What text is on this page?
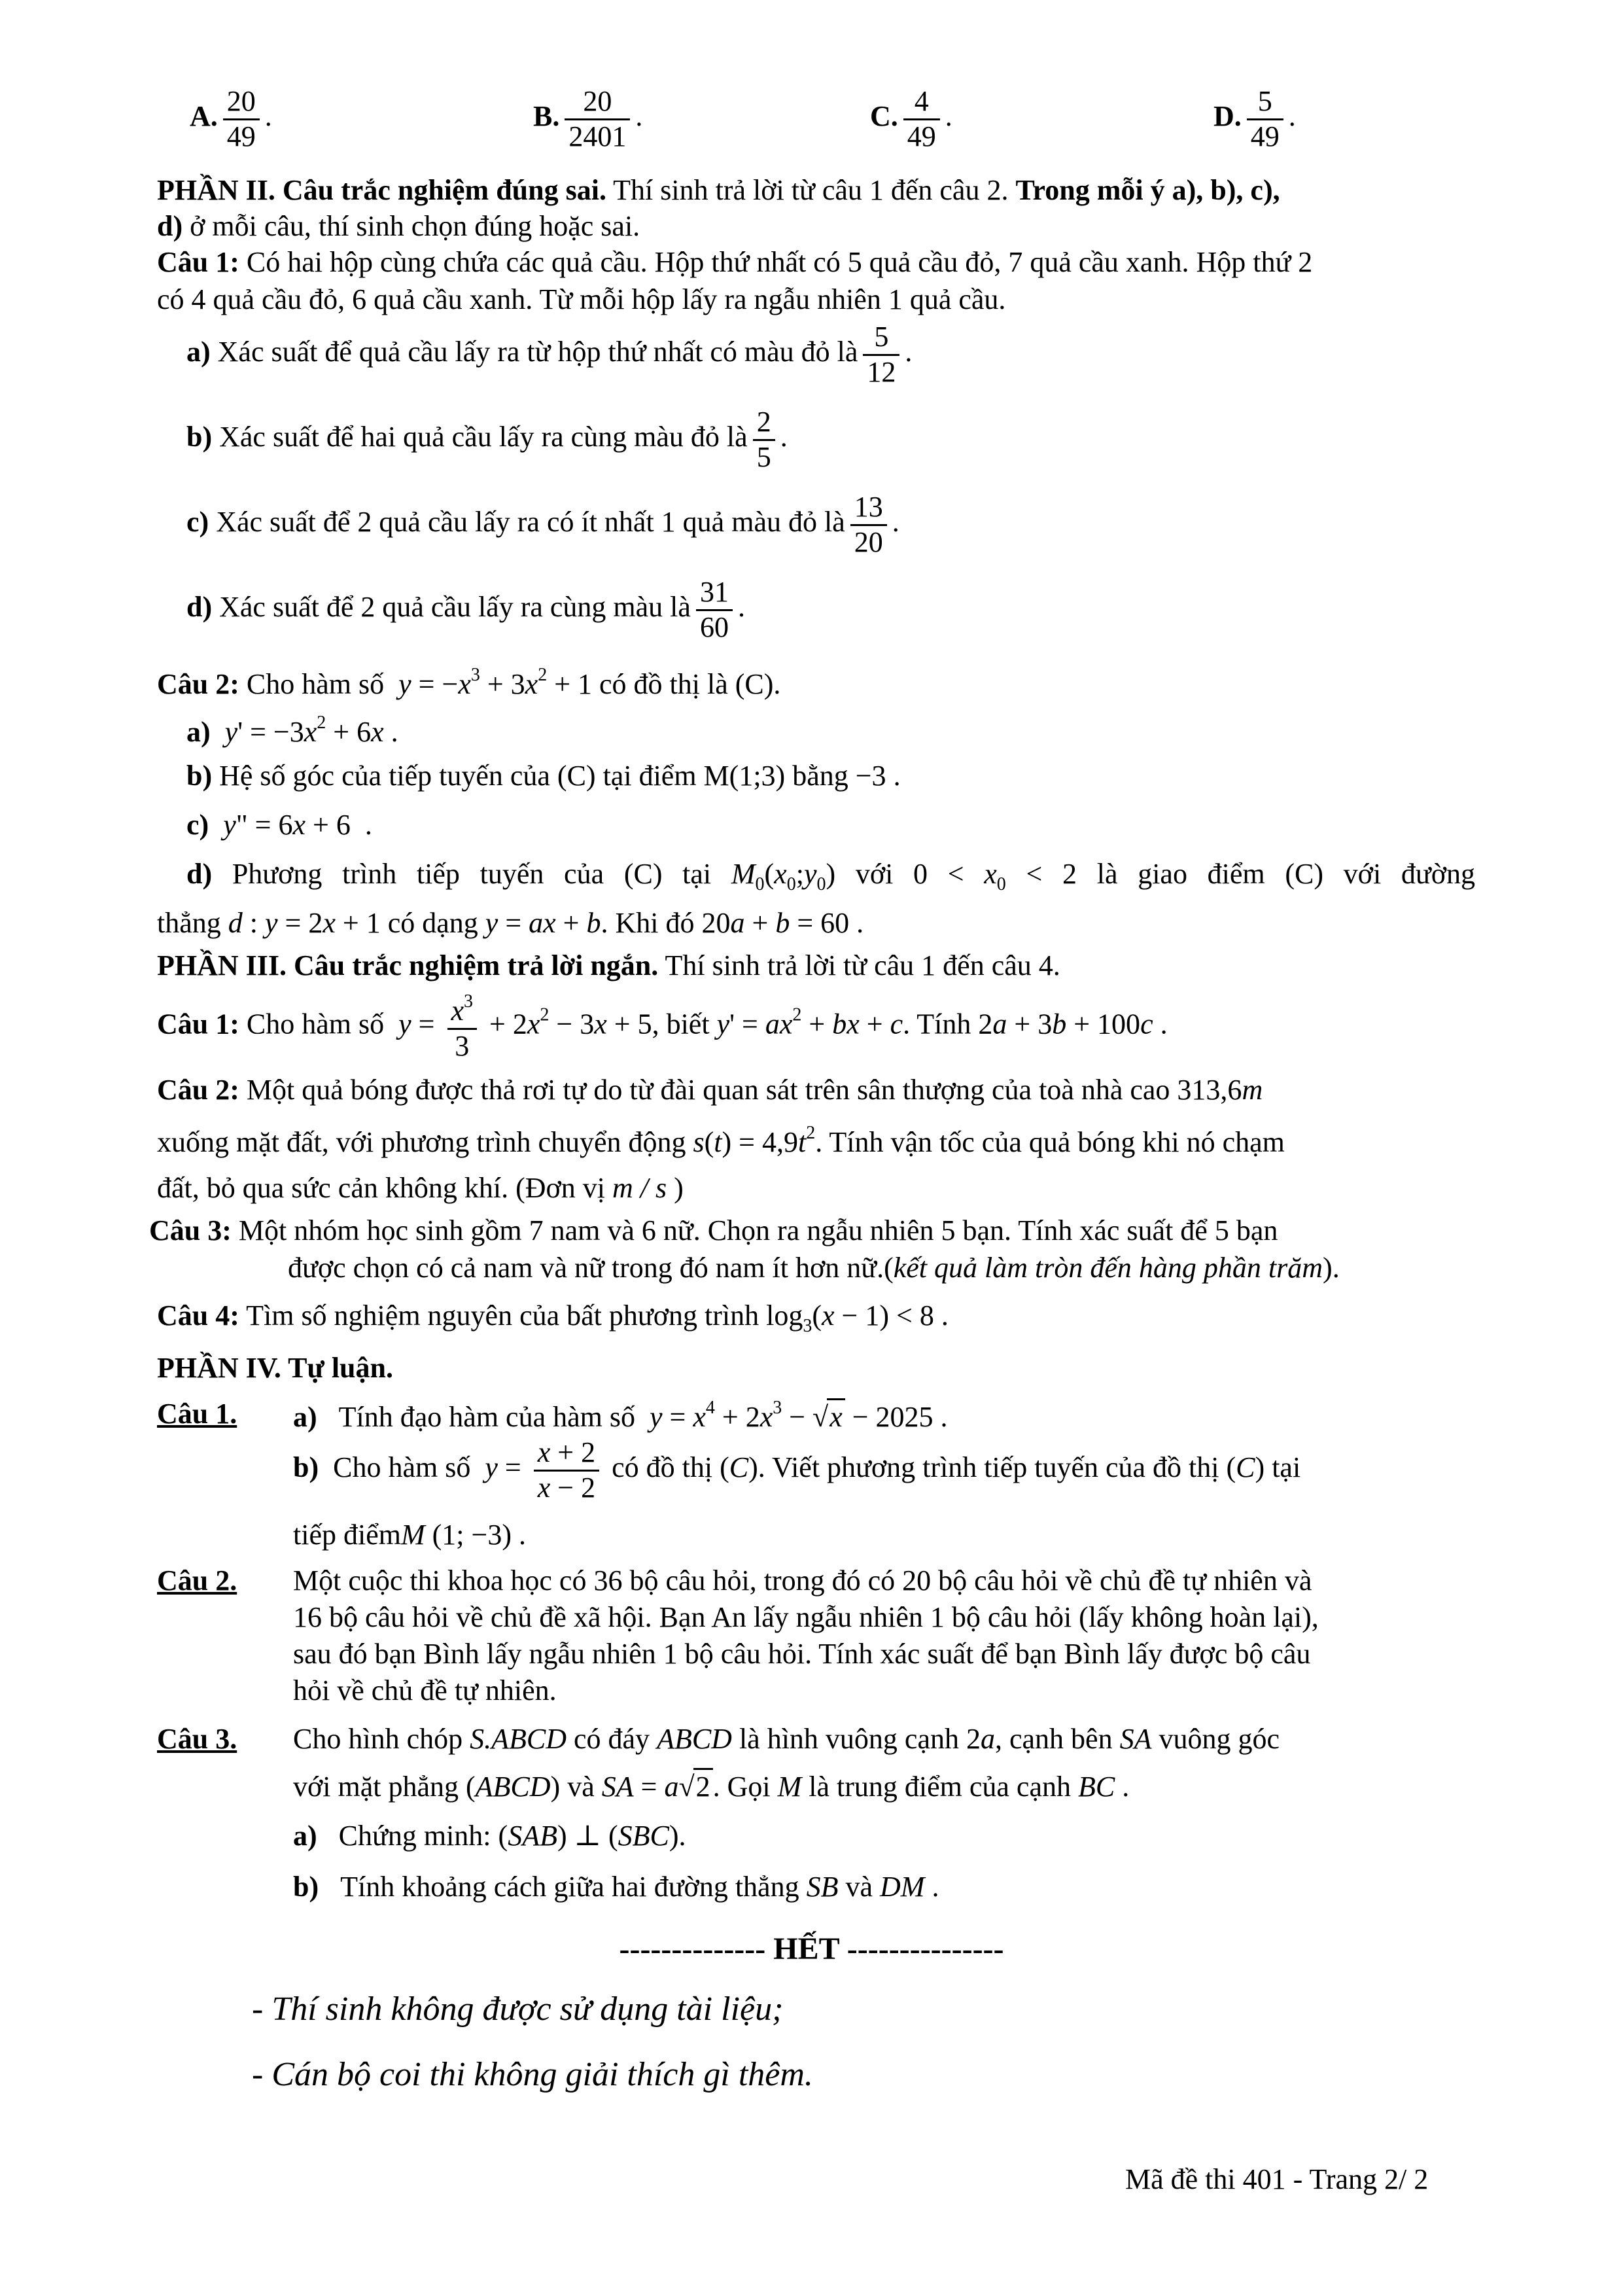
A. $\frac{20}{49}$ .	B. $\frac{20}{2401}$ .	C. $\frac{4}{49}$ .	D. $\frac{5}{49}$ .
PHẦN II. Câu trắc nghiệm đúng sai. Thí sinh trả lời từ câu 1 đến câu 2. Trong mỗi ý a), b), c),
d) ở mỗi câu, thí sinh chọn đúng hoặc sai.
Câu 1: Có hai hộp cùng chứa các quả cầu. Hộp thứ nhất có 5 quả cầu đỏ, 7 quả cầu xanh. Hộp thứ 2
có 4 quả cầu đỏ, 6 quả cầu xanh. Từ mỗi hộp lấy ra ngẫu nhiên 1 quả cầu.
a) Xác suất để quả cầu lấy ra từ hộp thứ nhất có màu đỏ là $\frac{5}{12}$ .
b) Xác suất để hai quả cầu lấy ra cùng màu đỏ là $\frac{2}{5}$ .
c) Xác suất để 2 quả cầu lấy ra có ít nhất 1 quả màu đỏ là $\frac{13}{20}$ .
d) Xác suất để 2 quả cầu lấy ra cùng màu là $\frac{31}{60}$ .
Câu 2: Cho hàm số  $y = -x^3 + 3x^2 + 1$ có đồ thị là (C).
a) $y' = -3x^2 + 6x$ .
b) Hệ số góc của tiếp tuyến của (C) tại điểm M(1;3) bằng −3 .
c) y" = 6x + 6  .
d) Phương trình tiếp tuyến của (C) tại $M_0(x_0;y_0)$ với $0 < x_0 < 2$ là giao điểm (C) với đường
thẳng d : y = 2x + 1 có dạng y = ax + b. Khi đó 20a + b = 60 .
PHẦN III. Câu trắc nghiệm trả lời ngắn. Thí sinh trả lời từ câu 1 đến câu 4.
Câu 1: Cho hàm số  $y = \frac{x^3}{3} + 2x^2 - 3x + 5$, biết $y' = ax^2$ + bx + c. Tính 2a + 3b + 100c .
Câu 2: Một quả bóng được thả rơi tự do từ đài quan sát trên sân thượng của toà nhà cao 313,6m
xuống mặt đất, với phương trình chuyển động $s(t) = 4,9t^2$. Tính vận tốc của quả bóng khi nó chạm
đất, bỏ qua sức cản không khí. (Đơn vị m / s )
Câu 3: Một nhóm học sinh gồm 7 nam và 6 nữ. Chọn ra ngẫu nhiên 5 bạn. Tính xác suất để 5 bạn
được chọn có cả nam và nữ trong đó nam ít hơn nữ.(kết quả làm tròn đến hàng phần trăm).
Câu 4: Tìm số nghiệm nguyên của bất phương trình $\log_3(x - 1) < 8$ .
PHẦN IV. Tự luận.
Câu 1. a) Tính đạo hàm của hàm số  $y = x^4 + 2x^3 - √x - 2025$ .
b) Cho hàm số  $y = \frac{x + 2}{x - 2}$ có đồ thị (C). Viết phương trình tiếp tuyến của đồ thị (C) tại
tiếp điểmM (1; −3) .
Câu 2. Một cuộc thi khoa học có 36 bộ câu hỏi, trong đó có 20 bộ câu hỏi về chủ đề tự nhiên và
16 bộ câu hỏi về chủ đề xã hội. Bạn An lấy ngẫu nhiên 1 bộ câu hỏi (lấy không hoàn lại),
sau đó bạn Bình lấy ngẫu nhiên 1 bộ câu hỏi. Tính xác suất để bạn Bình lấy được bộ câu
hỏi về chủ đề tự nhiên.
Câu 3. Cho hình chóp S.ABCD có đáy ABCD là hình vuông cạnh 2a, cạnh bên SA vuông góc
với mặt phẳng (ABCD) và SA = a√2. Gọi M là trung điểm của cạnh BC .
a) Chứng minh: (SAB) ⊥ (SBC).
b) Tính khoảng cách giữa hai đường thẳng SB và DM .
-------------- HẾT ---------------
- Thí sinh không được sử dụng tài liệu;
- Cán bộ coi thi không giải thích gì thêm.
Mã đề thi 401 - Trang 2/ 2
